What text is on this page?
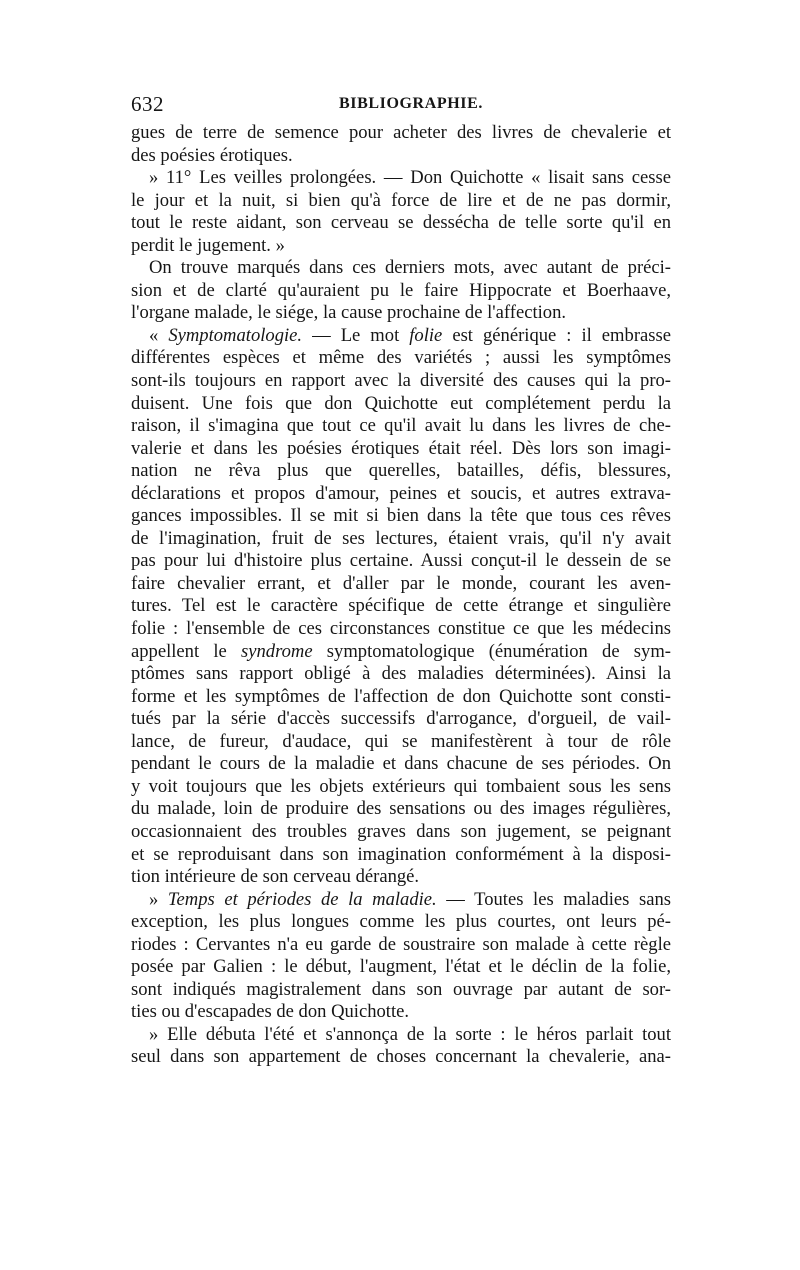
632	BIBLIOGRAPHIE.
gues de terre de semence pour acheter des livres de chevalerie et
des poésies érotiques.
» 11° Les veilles prolongées. — Don Quichotte « lisait sans cesse
le jour et la nuit, si bien qu'à force de lire et de ne pas dormir,
tout le reste aidant, son cerveau se dessécha de telle sorte qu'il en
perdit le jugement. »
On trouve marqués dans ces derniers mots, avec autant de préci-
sion et de clarté qu'auraient pu le faire Hippocrate et Boerhaave,
l'organe malade, le siége, la cause prochaine de l'affection.
« Symptomatologie. — Le mot folie est générique : il embrasse
différentes espèces et même des variétés ; aussi les symptômes
sont-ils toujours en rapport avec la diversité des causes qui la pro-
duisent. Une fois que don Quichotte eut complétement perdu la
raison, il s'imagina que tout ce qu'il avait lu dans les livres de che-
valerie et dans les poésies érotiques était réel. Dès lors son imagi-
nation ne rêva plus que querelles, batailles, défis, blessures,
déclarations et propos d'amour, peines et soucis, et autres extrava-
gances impossibles. Il se mit si bien dans la tête que tous ces rêves
de l'imagination, fruit de ses lectures, étaient vrais, qu'il n'y avait
pas pour lui d'histoire plus certaine. Aussi conçut-il le dessein de se
faire chevalier errant, et d'aller par le monde, courant les aven-
tures. Tel est le caractère spécifique de cette étrange et singulière
folie : l'ensemble de ces circonstances constitue ce que les médecins
appellent le syndrome symptomatologique (énumération de sym-
ptômes sans rapport obligé à des maladies déterminées). Ainsi la
forme et les symptômes de l'affection de don Quichotte sont consti-
tués par la série d'accès successifs d'arrogance, d'orgueil, de vail-
lance, de fureur, d'audace, qui se manifestèrent à tour de rôle
pendant le cours de la maladie et dans chacune de ses périodes. On
y voit toujours que les objets extérieurs qui tombaient sous les sens
du malade, loin de produire des sensations ou des images régulières,
occasionnaient des troubles graves dans son jugement, se peignant
et se reproduisant dans son imagination conformément à la disposi-
tion intérieure de son cerveau dérangé.
» Temps et périodes de la maladie. — Toutes les maladies sans
exception, les plus longues comme les plus courtes, ont leurs pé-
riodes : Cervantes n'a eu garde de soustraire son malade à cette règle
posée par Galien : le début, l'augment, l'état et le déclin de la folie,
sont indiqués magistralement dans son ouvrage par autant de sor-
ties ou d'escapades de don Quichotte.
» Elle débuta l'été et s'annonça de la sorte : le héros parlait tout
seul dans son appartement de choses concernant la chevalerie, ana-
